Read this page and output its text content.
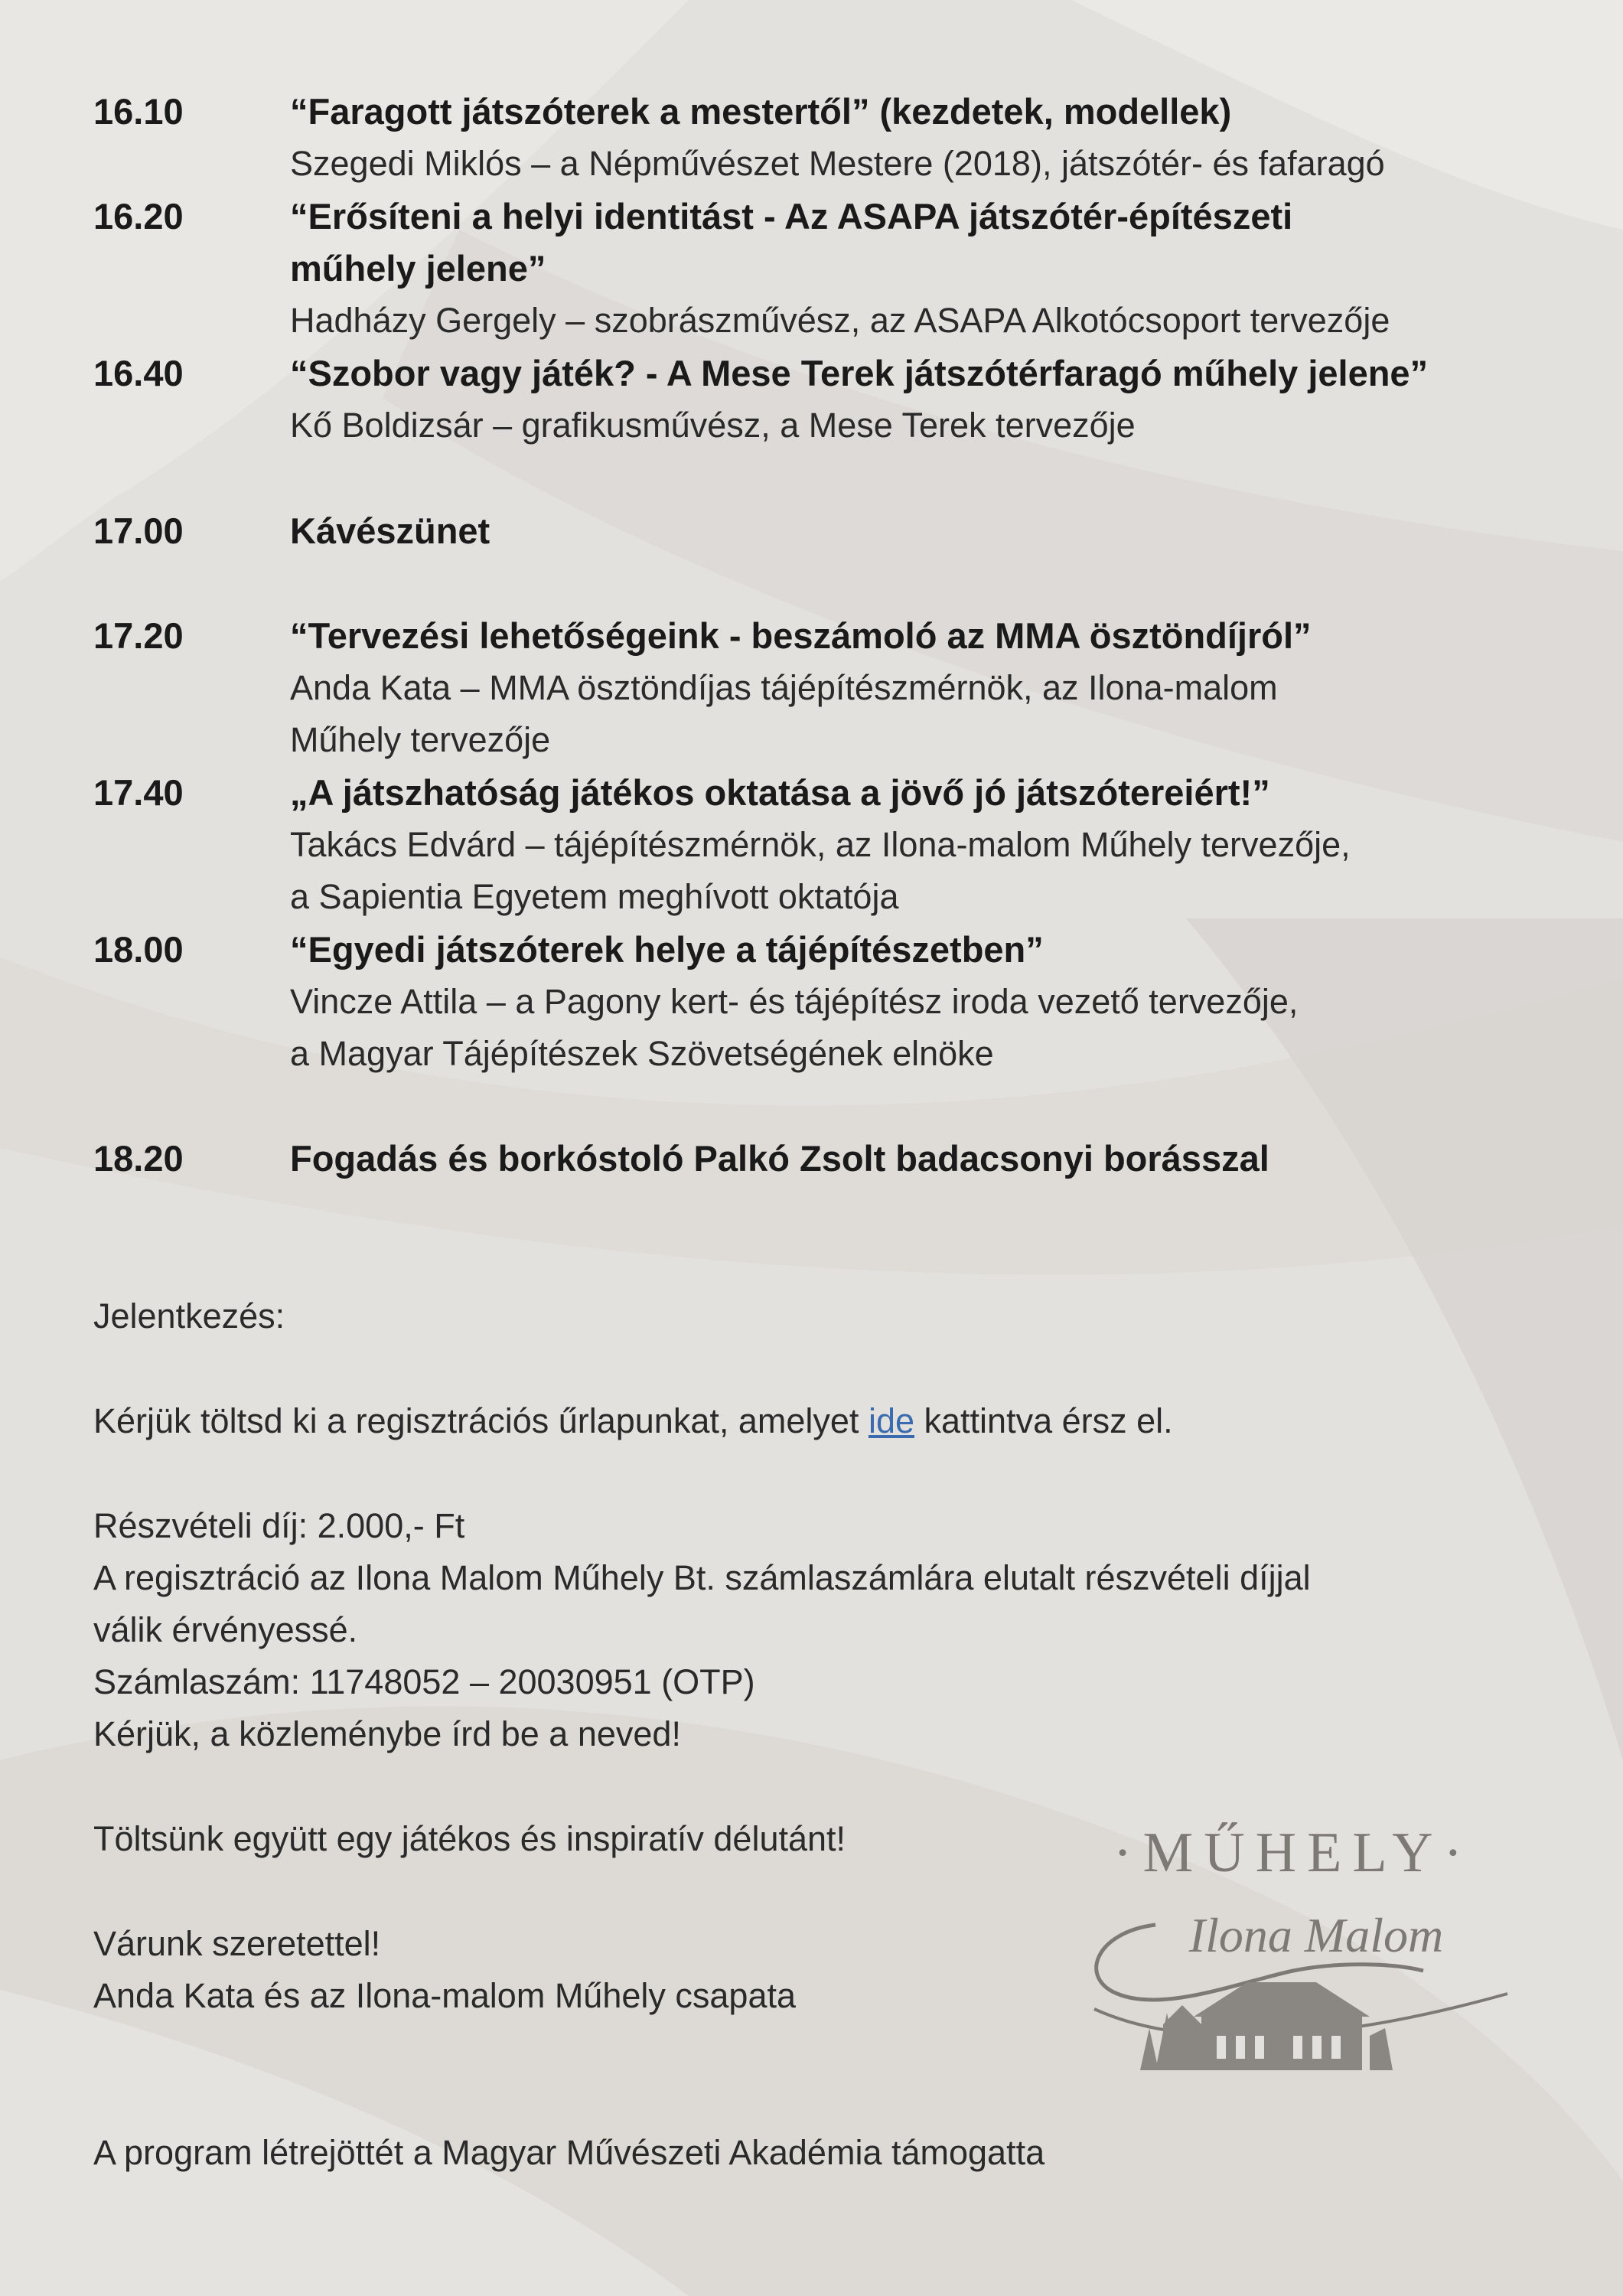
16.10	“Faragott játszóterek a mestertől” (kezdetek, modellek)

Szegedi Miklós – a Népművészet Mestere (2018), játszótér- és fafaragó

16.20	“Erősíteni a helyi identitást - Az ASAPA játszótér-építészeti műhely jelene”

Hadházy Gergely – szobrászművész, az ASAPA Alkotócsoport tervezője

16.40	“Szobor vagy játék? - A Mese Terek játszótérfaragó műhely jelene”

Kő Boldizsár – grafikusművész, a Mese Terek tervezője

17.00	Kávészünet

17.20	“Tervezési lehetőségeink - beszámoló az MMA ösztöndíjról”

Anda Kata – MMA ösztöndíjas tájépítészmérnök, az Ilona-malom

Műhely tervezője

17.40	„A játszhatóság játékos oktatása a jövő jó játszótereiért!”

Takács Edvárd – tájépítészmérnök, az Ilona-malom Műhely tervezője,

a Sapientia Egyetem meghívott oktatója

18.00	“Egyedi játszóterek helye a tájépítészetben”

Vincze Attila – a Pagony kert- és tájépítész iroda vezető tervezője,

a Magyar Tájépítészek Szövetségének elnöke

18.20	Fogadás és borkóstoló Palkó Zsolt badacsonyi borásszal

Jelentkezés:

Kérjük töltsd ki a regisztrációs űrlapunkat, amelyet ide kattintva érsz el.

Részvételi díj: 2.000,- Ft

A regisztráció az Ilona Malom Műhely Bt. számlaszámlára elutalt részvételi díjjal

válik érvényessé.

Számlaszám: 11748052 – 20030951 (OTP)

Kérjük, a közleménybe írd be a neved!

Töltsünk együtt egy játékos és inspiratív délutánt!

Várunk szeretettel!

Anda Kata és az Ilona-malom Műhely csapata

·MŰHELY·
Ilona Malom

A program létrejöttét a Magyar Művészeti Akadémia támogatta
